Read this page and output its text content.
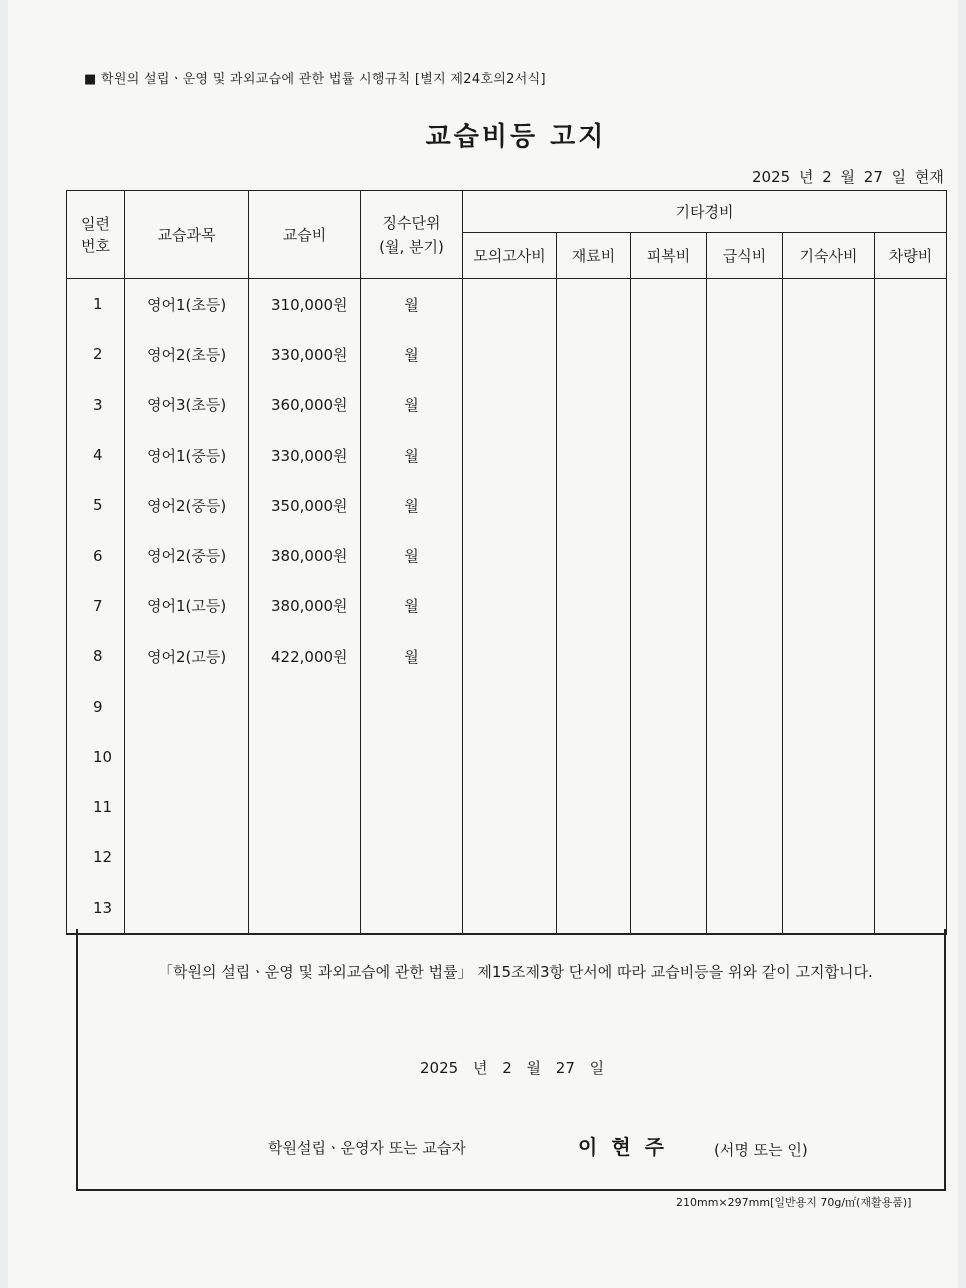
■ 학원의 설립ㆍ운영 및 과외교습에 관한 법률 시행규칙 [별지 제24호의2서식]
교습비등 고지
2025 년 2 월 27 일 현재
일련
번호	교습과목	교습비	징수단위
(월, 분기)	기타경비					
				모의고사비	재료비	피복비	급식비	기숙사비	차량비
1	영어1(초등)	310,000원	월						
2	영어2(초등)	330,000원	월						
3	영어3(초등)	360,000원	월						
4	영어1(중등)	330,000원	월						
5	영어2(중등)	350,000원	월						
6	영어2(중등)	380,000원	월						
7	영어1(고등)	380,000원	월						
8	영어2(고등)	422,000원	월						
9									
10									
11									
12									
13									
「학원의 설립ㆍ운영 및 과외교습에 관한 법률」 제15조제3항 단서에 따라 교습비등을 위와 같이 고지합니다.
2025 년 2 월 27 일
학원설립ㆍ운영자 또는 교습자	이현주 (서명 또는 인)
210mm×297mm[일반용지 70g/㎡(재활용품)]
